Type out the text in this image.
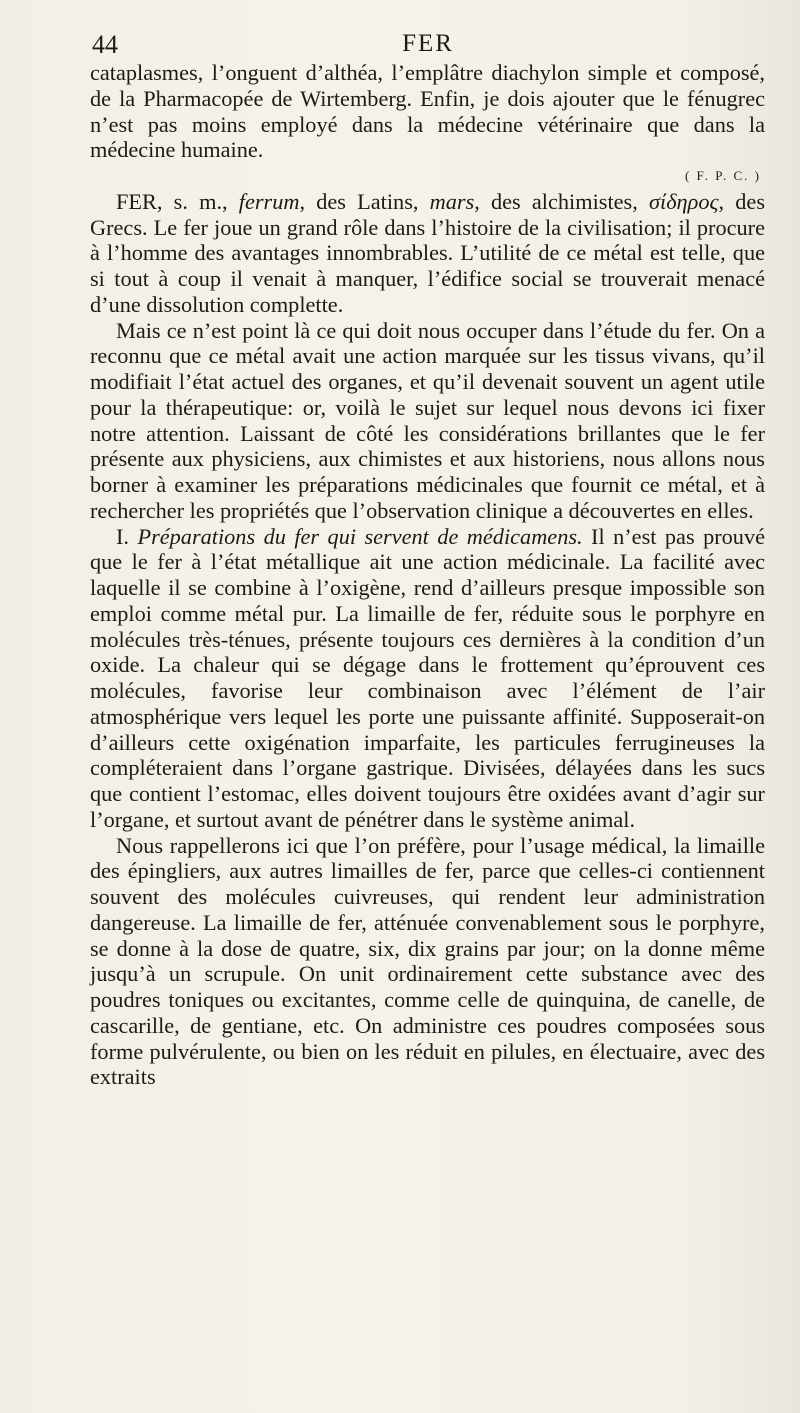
44	FER

cataplasmes, l’onguent d’althéa, l’emplâtre diachylon simple et composé, de la Pharmacopée de Wirtemberg. Enfin, je dois ajouter que le fénugrec n’est pas moins employé dans la médecine vétérinaire que dans la médecine humaine.

( F. P. C. )

FER, s. m., ferrum, des Latins, mars, des alchimistes, σίδηρος, des Grecs. Le fer joue un grand rôle dans l’histoire de la civilisation; il procure à l’homme des avantages innombrables. L’utilité de ce métal est telle, que si tout à coup il venait à manquer, l’édifice social se trouverait menacé d’une dissolution complette.

Mais ce n’est point là ce qui doit nous occuper dans l’étude du fer. On a reconnu que ce métal avait une action marquée sur les tissus vivans, qu’il modifiait l’état actuel des organes, et qu’il devenait souvent un agent utile pour la thérapeutique: or, voilà le sujet sur lequel nous devons ici fixer notre attention. Laissant de côté les considérations brillantes que le fer présente aux physiciens, aux chimistes et aux historiens, nous allons nous borner à examiner les préparations médicinales que fournit ce métal, et à rechercher les propriétés que l’observation clinique a découvertes en elles.

I. Préparations du fer qui servent de médicamens. Il n’est pas prouvé que le fer à l’état métallique ait une action médicinale. La facilité avec laquelle il se combine à l’oxigène, rend d’ailleurs presque impossible son emploi comme métal pur. La limaille de fer, réduite sous le porphyre en molécules très-ténues, présente toujours ces dernières à la condition d’un oxide. La chaleur qui se dégage dans le frottement qu’éprouvent ces molécules, favorise leur combinaison avec l’élément de l’air atmosphérique vers lequel les porte une puissante affinité. Supposerait-on d’ailleurs cette oxigénation imparfaite, les particules ferrugineuses la compléteraient dans l’organe gastrique. Divisées, délayées dans les sucs que contient l’estomac, elles doivent toujours être oxidées avant d’agir sur l’organe, et surtout avant de pénétrer dans le système animal.

Nous rappellerons ici que l’on préfère, pour l’usage médical, la limaille des épingliers, aux autres limailles de fer, parce que celles-ci contiennent souvent des molécules cuivreuses, qui rendent leur administration dangereuse. La limaille de fer, atténuée convenablement sous le porphyre, se donne à la dose de quatre, six, dix grains par jour; on la donne même jusqu’à un scrupule. On unit ordinairement cette substance avec des poudres toniques ou excitantes, comme celle de quinquina, de canelle, de cascarille, de gentiane, etc. On administre ces poudres composées sous forme pulvérulente, ou bien on les réduit en pilules, en électuaire, avec des extraits
